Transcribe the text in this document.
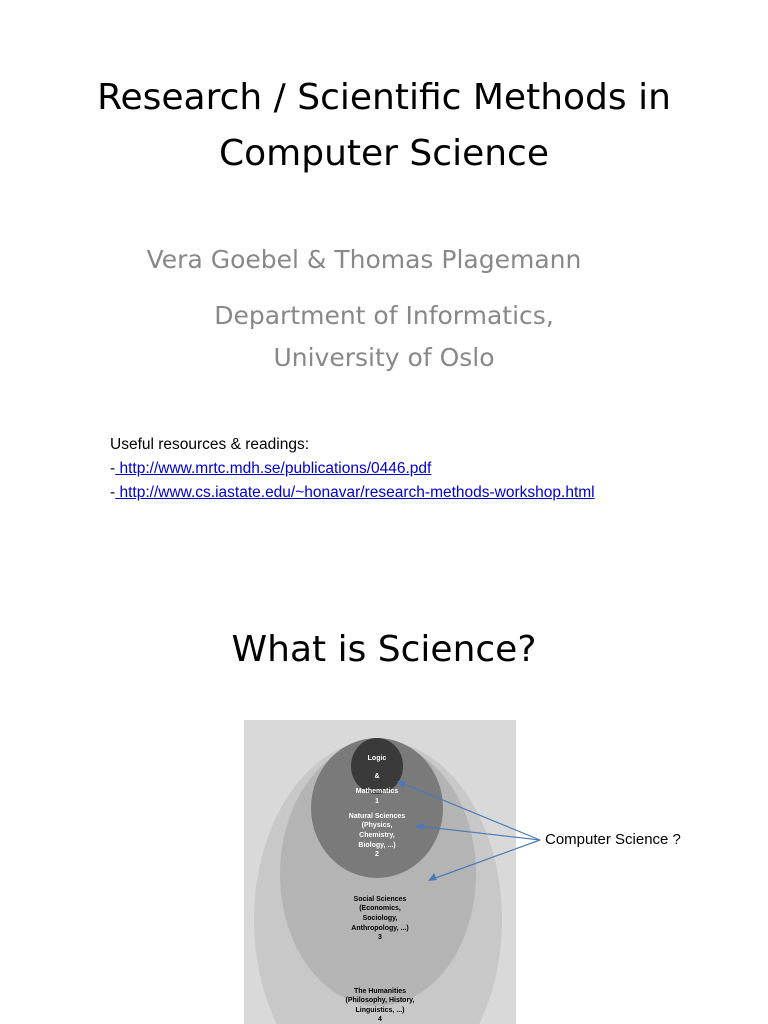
Research / Scientific Methods in
Computer Science

Vera Goebel & Thomas Plagemann

Department of Informatics,
University of Oslo
Useful resources & readings:
- http://www.mrtc.mdh.se/publications/0446.pdf
- http://www.cs.iastate.edu/~honavar/research-methods-workshop.html
What is Science?
Logic
&
Mathematics
1
Natural Sciences
(Physics,
Chemistry,
Biology, ...)
2
Social Sciences
(Economics,
Sociology,
Anthropology, ...)
3
The Humanities
(Philosophy, History,
Linguistics, ...)
4
Computer Science ?
